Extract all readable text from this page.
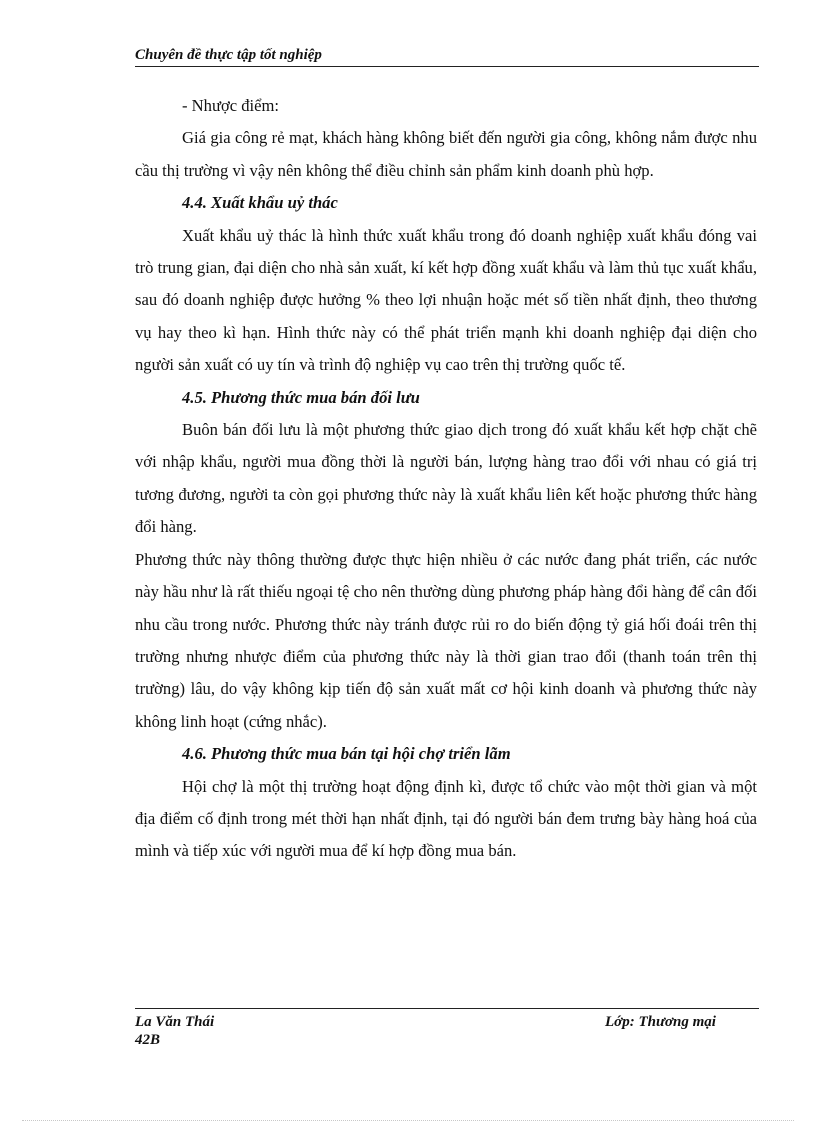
Chuyên đề thực tập tốt nghiệp

- Nhược điểm:

Giá gia công rẻ mạt, khách hàng không biết đến người gia công, không nắm được nhu cầu thị trường vì vậy nên không thể điều chỉnh sản phẩm kinh doanh phù hợp.

4.4. Xuất khẩu uỷ thác

Xuất khẩu uỷ thác là hình thức xuất khẩu trong đó doanh nghiệp xuất khẩu đóng vai trò trung gian, đại diện cho nhà sản xuất, kí kết hợp đồng xuất khẩu và làm thủ tục xuất khẩu, sau đó doanh nghiệp được hưởng % theo lợi nhuận hoặc mét số tiền nhất định, theo thương vụ hay theo kì hạn. Hình thức này có thể phát triển mạnh khi doanh nghiệp đại diện cho người sản xuất có uy tín và trình độ nghiệp vụ cao trên thị trường quốc tế.

4.5. Phương thức mua bán đối lưu

Buôn bán đối lưu là một phương thức giao dịch trong đó xuất khẩu kết hợp chặt chẽ với nhập khẩu, người mua đồng thời là người bán, lượng hàng trao đổi với nhau có giá trị tương đương, người ta còn gọi phương thức này là xuất khẩu liên kết hoặc phương thức hàng đổi hàng.

Phương thức này thông thường được thực hiện nhiều ở các nước đang phát triển, các nước này hầu như là rất thiếu ngoại tệ cho nên thường dùng phương pháp hàng đổi hàng để cân đối nhu cầu trong nước. Phương thức này tránh được rủi ro do biến động tỷ giá hối đoái trên thị trường nhưng nhược điểm của phương thức này là thời gian trao đổi (thanh toán trên thị trường) lâu, do vậy không kịp tiến độ sản xuất mất cơ hội kinh doanh và phương thức này không linh hoạt (cứng nhắc).

4.6. Phương thức mua bán tại hội chợ triển lãm

Hội chợ là một thị trường hoạt động định kì, được tổ chức vào một thời gian và một địa điểm cố định trong mét thời hạn nhất định, tại đó người bán đem trưng bày hàng hoá của mình và tiếp xúc với người mua để kí hợp đồng mua bán.

La Văn Thái
42B
Lớp: Thương mại
